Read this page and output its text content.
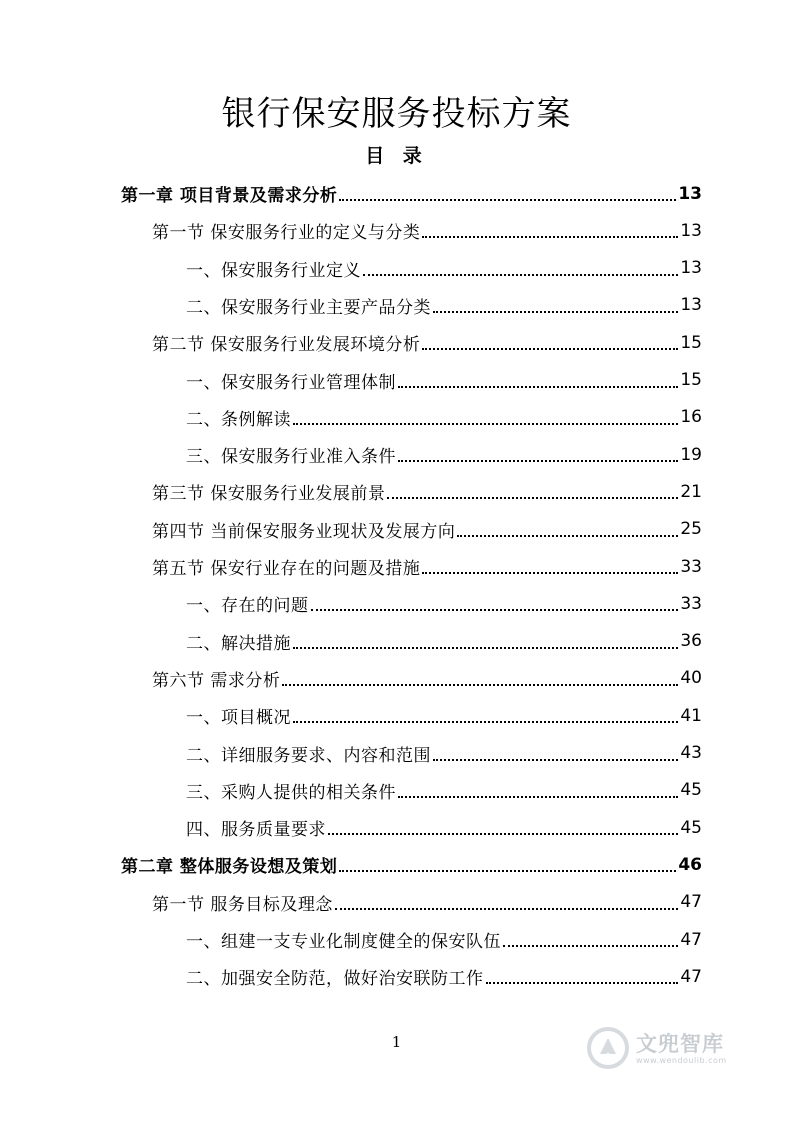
银行保安服务投标方案
目 录
第一章 项目背景及需求分析	13
第一节 保安服务行业的定义与分类	13
一、保安服务行业定义	13
二、保安服务行业主要产品分类	13
第二节 保安服务行业发展环境分析	15
一、保安服务行业管理体制	15
二、条例解读	16
三、保安服务行业准入条件	19
第三节 保安服务行业发展前景	21
第四节 当前保安服务业现状及发展方向	25
第五节 保安行业存在的问题及措施	33
一、存在的问题	33
二、解决措施	36
第六节 需求分析	40
一、项目概况	41
二、详细服务要求、内容和范围	43
三、采购人提供的相关条件	45
四、服务质量要求	45
第二章 整体服务设想及策划	46
第一节 服务目标及理念	47
一、组建一支专业化制度健全的保安队伍	47
二、加强安全防范，做好治安联防工作	47
1	文兜智库
www.wendoulib.com
